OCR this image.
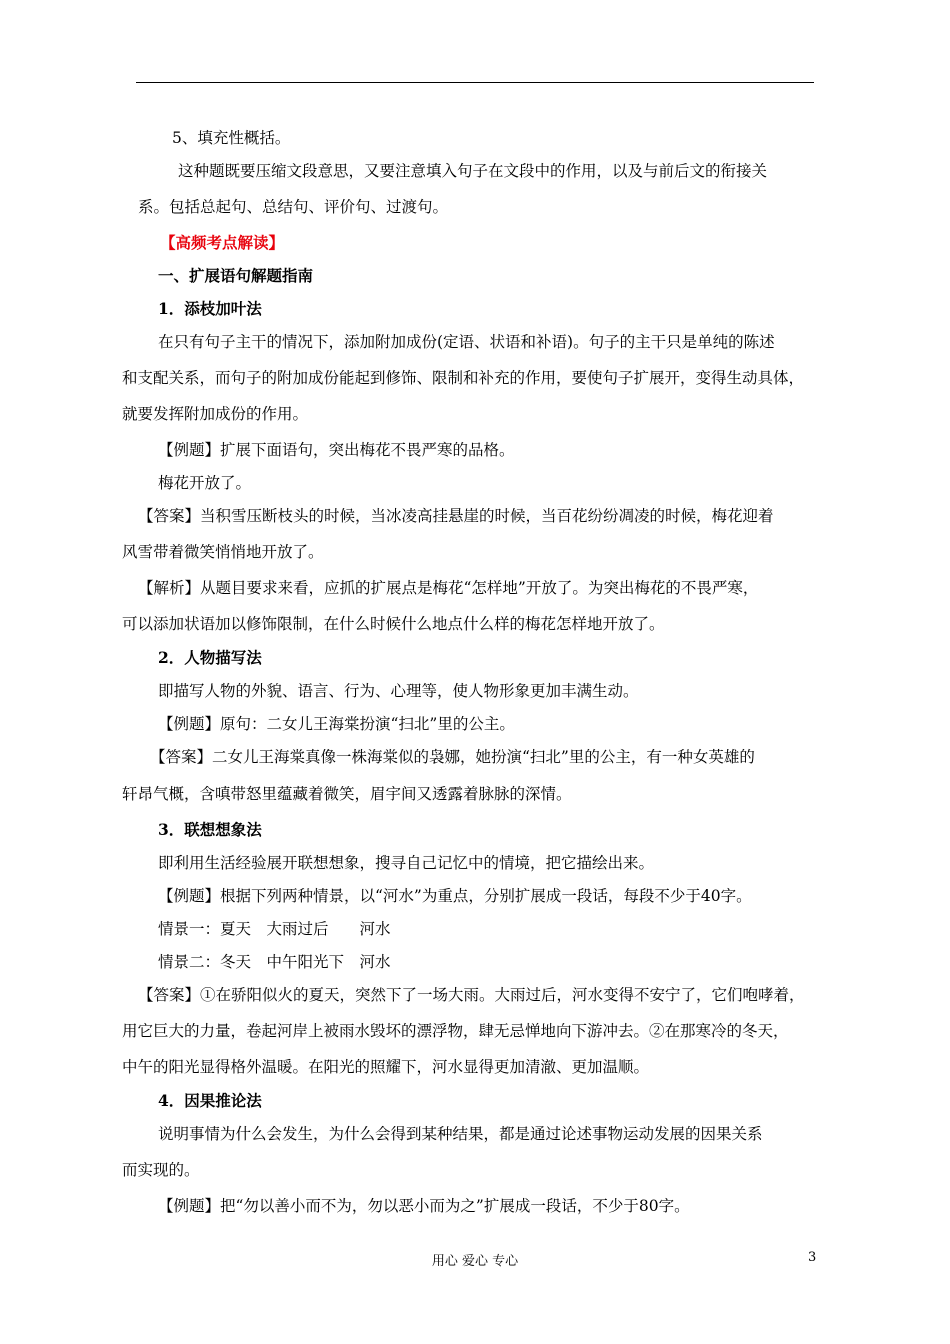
5、填充性概括。
这种题既要压缩文段意思，又要注意填入句子在文段中的作用，以及与前后文的衔接关
系。包括总起句、总结句、评价句、过渡句。
【高频考点解读】
一、扩展语句解题指南
1．添枝加叶法
在只有句子主干的情况下，添加附加成份(定语、状语和补语)。句子的主干只是单纯的陈述
和支配关系，而句子的附加成份能起到修饰、限制和补充的作用，要使句子扩展开，变得生动具体，
就要发挥附加成份的作用。
【例题】扩展下面语句，突出梅花不畏严寒的品格。
梅花开放了。
【答案】当积雪压断枝头的时候，当冰凌高挂悬崖的时候，当百花纷纷凋凌的时候，梅花迎着
风雪带着微笑悄悄地开放了。
【解析】从题目要求来看，应抓的扩展点是梅花“怎样地”开放了。为突出梅花的不畏严寒，
可以添加状语加以修饰限制，在什么时候什么地点什么样的梅花怎样地开放了。
2．人物描写法
即描写人物的外貌、语言、行为、心理等，使人物形象更加丰满生动。
【例题】原句：二女儿王海棠扮演“扫北”里的公主。
【答案】二女儿王海棠真像一株海棠似的袅娜，她扮演“扫北”里的公主，有一种女英雄的
轩昂气概，含嗔带怒里蕴藏着微笑，眉宇间又透露着脉脉的深情。
3．联想想象法
即利用生活经验展开联想想象，搜寻自己记忆中的情境，把它描绘出来。
【例题】根据下列两种情景，以“河水”为重点，分别扩展成一段话，每段不少于40字。
情景一：夏天　大雨过后　　河水
情景二：冬天　中午阳光下　河水
【答案】①在骄阳似火的夏天，突然下了一场大雨。大雨过后，河水变得不安宁了，它们咆哮着，
用它巨大的力量，卷起河岸上被雨水毁坏的漂浮物，肆无忌惮地向下游冲去。②在那寒冷的冬天，
中午的阳光显得格外温暖。在阳光的照耀下，河水显得更加清澈、更加温顺。
4．因果推论法
说明事情为什么会发生，为什么会得到某种结果，都是通过论述事物运动发展的因果关系
而实现的。
【例题】把“勿以善小而不为，勿以恶小而为之”扩展成一段话，不少于80字。
用心 爱心 专心	3
